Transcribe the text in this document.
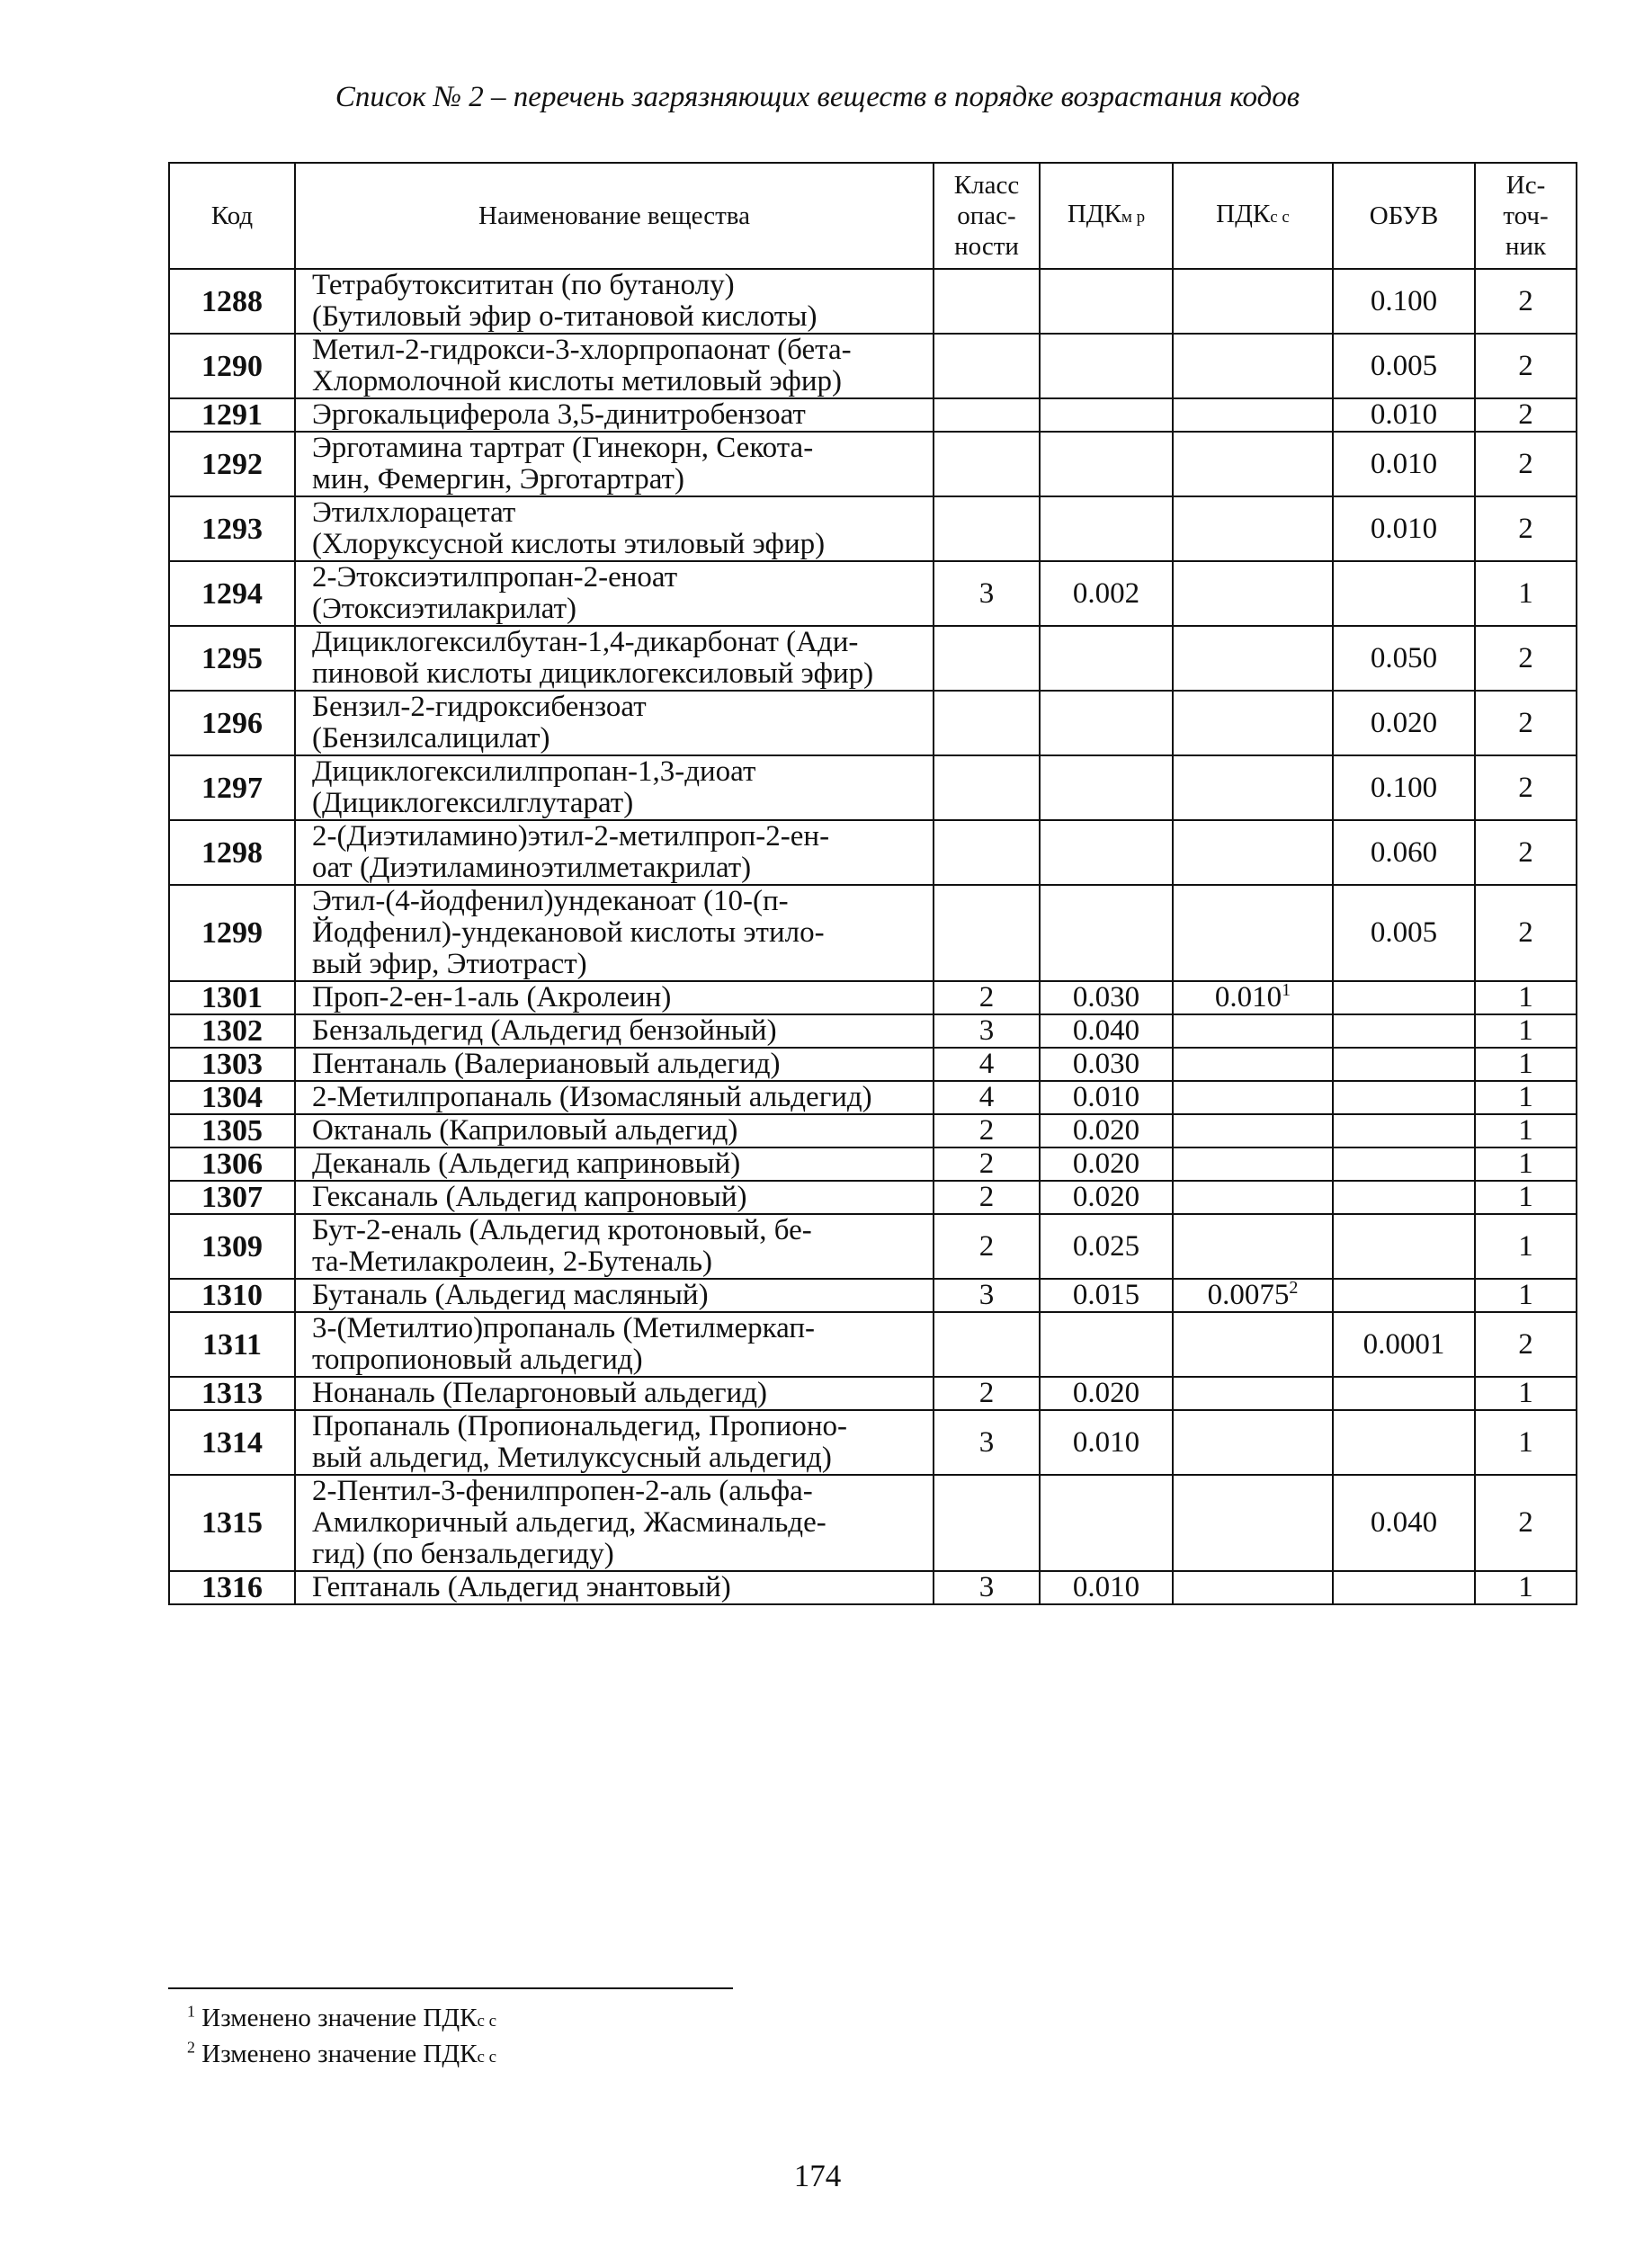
Список № 2 – перечень загрязняющих веществ в порядке возрастания кодов
Код	Наименование вещества	Класс
опас-
ности	ПДКм р	ПДКс с	ОБУВ	Ис-
точ-
ник
1288	Тетрабутоксититан (по бутанолу)
(Бутиловый эфир о-титановой кислоты)				0.100	2
1290	Метил-2-гидрокси-3-хлорпропаонат (бета-
Хлормолочной кислоты метиловый эфир)				0.005	2
1291	Эргокальциферола 3,5-динитробензоат				0.010	2
1292	Эрготамина тартрат (Гинекорн, Секота-
мин, Фемергин, Эрготартрат)				0.010	2
1293	Этилхлорацетат
(Хлоруксусной кислоты этиловый эфир)				0.010	2
1294	2-Этоксиэтилпропан-2-еноат
(Этоксиэтилакрилат)	3	0.002			1
1295	Дициклогексилбутан-1,4-дикарбонат (Ади-
пиновой кислоты дициклогексиловый эфир)				0.050	2
1296	Бензил-2-гидроксибензоат
(Бензилсалицилат)				0.020	2
1297	Дициклогексилилпропан-1,3-диоат
(Дициклогексилглутарат)				0.100	2
1298	2-(Диэтиламино)этил-2-метилпроп-2-ен-
оат (Диэтиламиноэтилметакрилат)				0.060	2
1299	Этил-(4-йодфенил)ундеканоат (10-(п-
Йодфенил)-ундекановой кислоты этило-
вый эфир, Этиотраст)				0.005	2
1301	Проп-2-ен-1-аль (Акролеин)	2	0.030	0.010$^1$		1
1302	Бензальдегид (Альдегид бензойный)	3	0.040			1
1303	Пентаналь (Валериановый альдегид)	4	0.030			1
1304	2-Метилпропаналь (Изомасляный альдегид)	4	0.010			1
1305	Октаналь (Каприловый альдегид)	2	0.020			1
1306	Деканаль (Альдегид каприновый)	2	0.020			1
1307	Гексаналь (Альдегид капроновый)	2	0.020			1
1309	Бут-2-еналь (Альдегид кротоновый, бе-
та-Метилакролеин, 2-Бутеналь)	2	0.025			1
1310	Бутаналь (Альдегид масляный)	3	0.015	0.0075$^2$		1
1311	3-(Метилтио)пропаналь (Метилмеркап-
топропионовый альдегид)				0.0001	2
1313	Нонаналь (Пеларгоновый альдегид)	2	0.020			1
1314	Пропаналь (Пропиональдегид, Пропионо-
вый альдегид, Метилуксусный альдегид)	3	0.010			1
1315	2-Пентил-3-фенилпропен-2-аль (альфа-
Амилкоричный альдегид, Жасминальде-
гид) (по бензальдегиду)				0.040	2
1316	Гептаналь (Альдегид энантовый)	3	0.010			1
$^1$ Изменено значение ПДКс с
$^2$ Изменено значение ПДКс с
174
